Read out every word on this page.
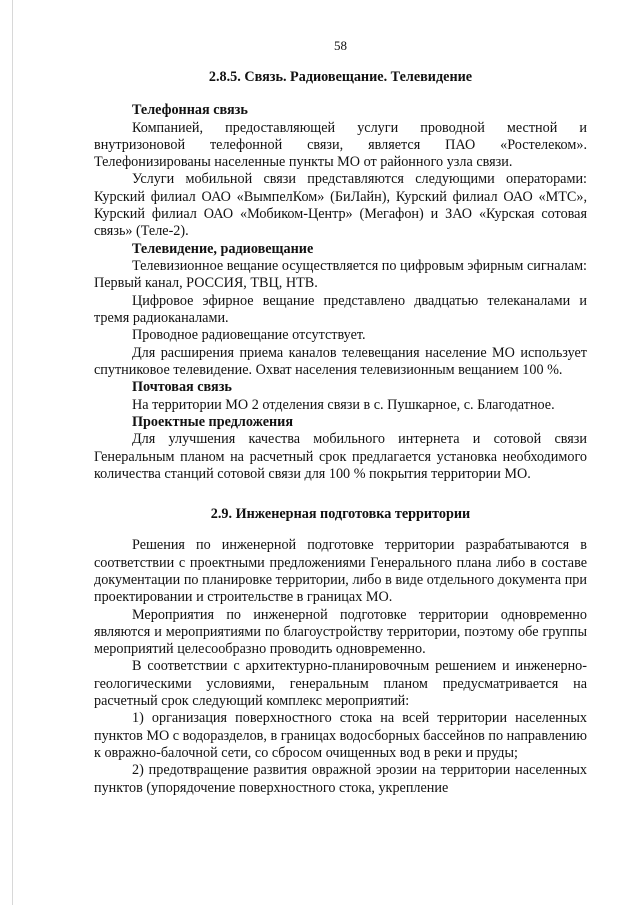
58
2.8.5. Связь. Радиовещание. Телевидение
Телефонная связь

Компанией, предоставляющей услуги проводной местной и внутризоновой телефонной связи, является ПАО «Ростелеком». Телефонизированы населенные пункты МО от районного узла связи.

Услуги мобильной связи представляются следующими операторами: Курский филиал ОАО «ВымпелКом» (БиЛайн), Курский филиал ОАО «МТС», Курский филиал ОАО «Мобиком-Центр» (Мегафон) и ЗАО «Курская сотовая связь» (Теле-2).

Телевидение, радиовещание

Телевизионное вещание осуществляется по цифровым эфирным сигналам: Первый канал, РОССИЯ, ТВЦ, НТВ.

Цифровое эфирное вещание представлено двадцатью телеканалами и тремя радиоканалами.

Проводное радиовещание отсутствует.

Для расширения приема каналов телевещания население МО использует спутниковое телевидение. Охват населения телевизионным вещанием 100 %.

Почтовая связь

На территории МО 2 отделения связи в с. Пушкарное, с. Благодатное.

Проектные предложения

Для улучшения качества мобильного интернета и сотовой связи Генеральным планом на расчетный срок предлагается установка необходимого количества станций сотовой связи для 100 % покрытия территории МО.

2.9. Инженерная подготовка территории

Решения по инженерной подготовке территории разрабатываются в соответствии с проектными предложениями Генерального плана либо в составе документации по планировке территории, либо в виде отдельного документа при проектировании и строительстве в границах МО.

Мероприятия по инженерной подготовке территории одновременно являются и мероприятиями по благоустройству территории, поэтому обе группы мероприятий целесообразно проводить одновременно.

В соответствии с архитектурно-планировочным решением и инженерно-геологическими условиями, генеральным планом предусматривается на расчетный срок следующий комплекс мероприятий:

1) организация поверхностного стока на всей территории населенных пунктов МО с водоразделов, в границах водосборных бассейнов по направлению к овражно-балочной сети, со сбросом очищенных вод в реки и пруды;

2) предотвращение развития овражной эрозии на территории населенных пунктов (упорядочение поверхностного стока, укрепление
